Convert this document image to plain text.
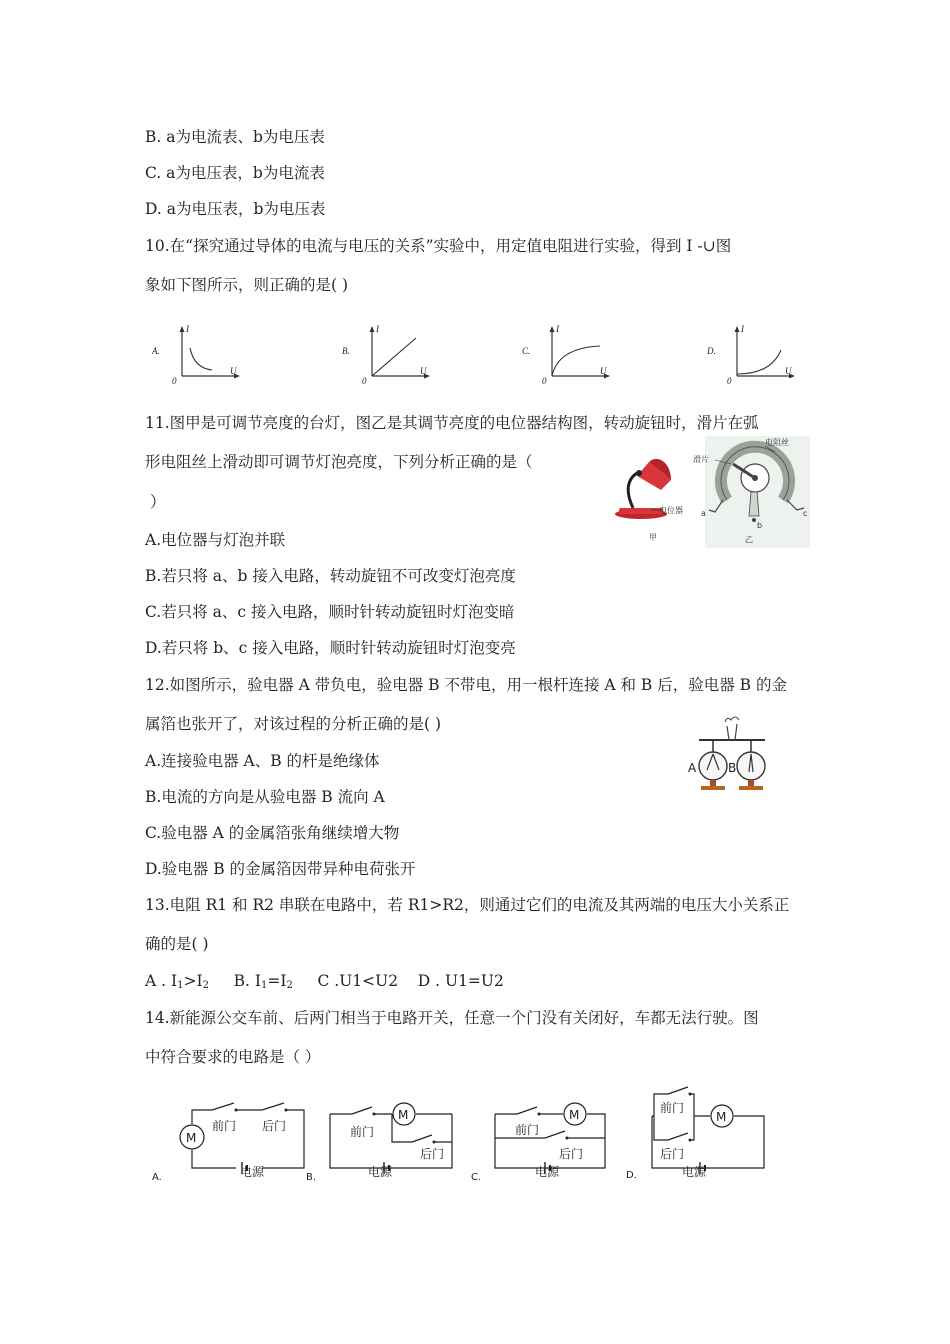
B. a为电流表、b为电压表
C. a为电压表，b为电流表
D. a为电压表，b为电压表
10.在“探究通过导体的电流与电压的关系”实验中，用定值电阻进行实验，得到 I -∪图
象如下图所示，则正确的是( )
A.
I
U
0
B.
I
U
0
C.
I
U
0
D.
I
U
0
11.图甲是可调节亮度的台灯，图乙是其调节亮度的电位器结构图，转动旋钮时，滑片在弧
形电阻丝上滑动即可调节灯泡亮度，下列分析正确的是（
）
A.电位器与灯泡并联
B.若只将 a、b 接入电路，转动旋钮不可改变灯泡亮度
C.若只将 a、c 接入电路，顺时针转动旋钮时灯泡变暗
D.若只将 b、c 接入电路，顺时针转动旋钮时灯泡变亮
电位器
甲
滑片
电阻丝
a
b
c
乙
12.如图所示，验电器 A 带负电，验电器 B 不带电，用一根杆连接 A 和 B 后，验电器 B 的金
属箔也张开了，对该过程的分析正确的是( )
A.连接验电器 A、B 的杆是绝缘体
B.电流的方向是从验电器 B 流向 A
C.验电器 A 的金属箔张角继续增大物
D.验电器 B 的金属箔因带异种电荷张开
A	B
13.电阻 R1 和 R2 串联在电路中，若 R1>R2，则通过它们的电流及其两端的电压大小关系正
确的是( )
A . $I_1>I_2$ B. $I_1=I_2$ C .U1<U2 D . U1=U2
14.新能源公交车前、后两门相当于电路开关，任意一个门没有关闭好，车都无法行驶。图
中符合要求的电路是（ ）
A.
M
前门 后门
电源	B.
M
前门
后门
电源	C.
M
前门
后门
电源	D.
M
前门
后门
电源
